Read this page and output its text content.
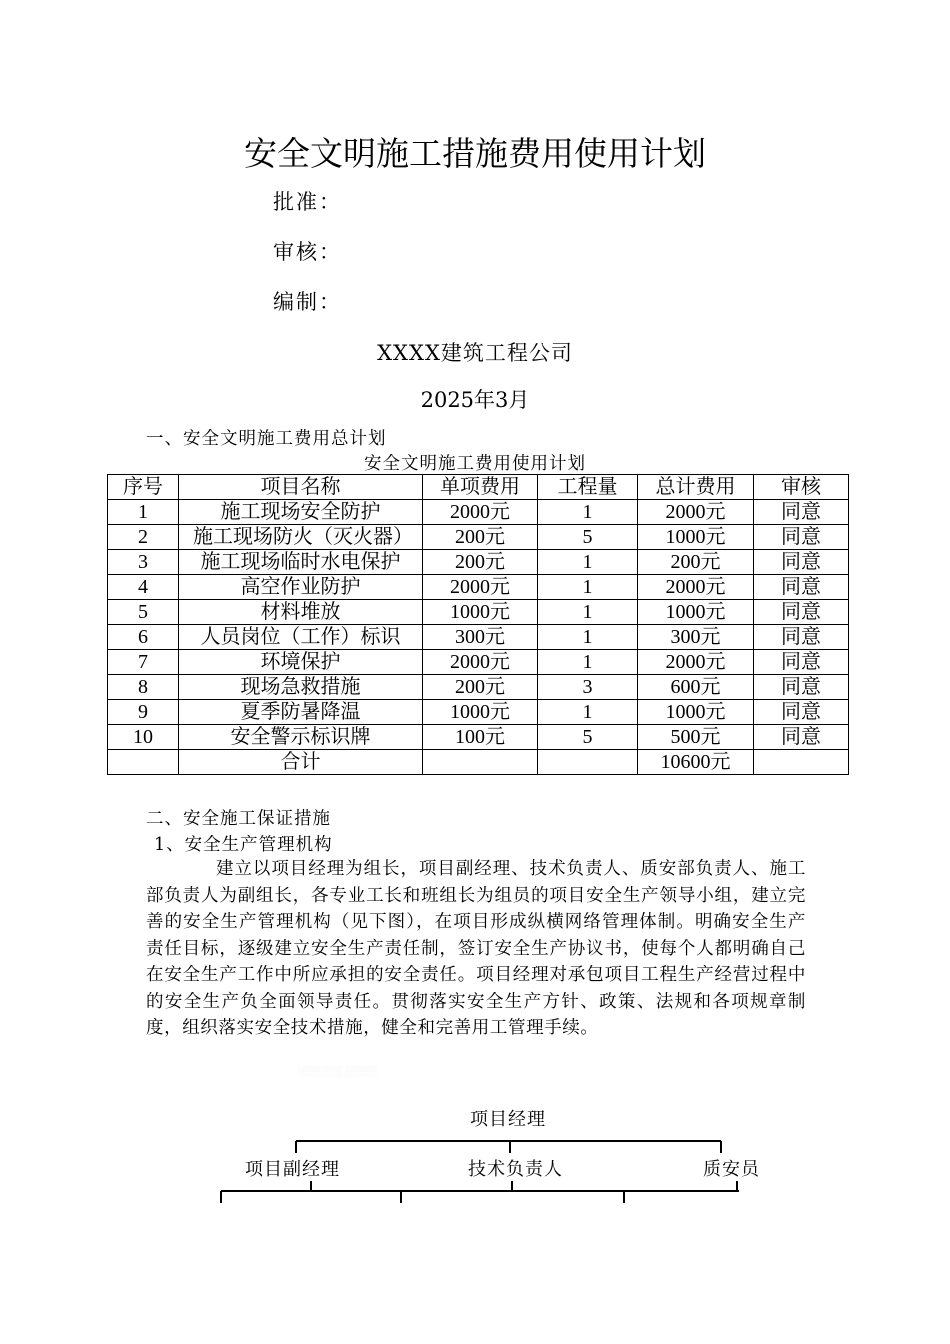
安全文明施工措施费用使用计划
批准：
审核：
编制：
XXXX建筑工程公司
2025年3月
一、安全文明施工费用总计划
安全文明施工费用使用计划
序号	项目名称	单项费用	工程量	总计费用	审核
1	施工现场安全防护	2000元	1	2000元	同意
2	施工现场防火（灭火器）	200元	5	1000元	同意
3	施工现场临时水电保护	200元	1	200元	同意
4	高空作业防护	2000元	1	2000元	同意
5	材料堆放	1000元	1	1000元	同意
6	人员岗位（工作）标识	300元	1	300元	同意
7	环境保护	2000元	1	2000元	同意
8	现场急救措施	200元	3	600元	同意
9	夏季防暑降温	1000元	1	1000元	同意
10	安全警示标识牌	100元	5	500元	同意
	合计			10600元	
二、安全施工保证措施
1、安全生产管理机构

建立以项目经理为组长，项目副经理、技术负责人、质安部负责人、施工部负责人为副组长，各专业工长和班组长为组员的项目安全生产领导小组，建立完善的安全生产管理机构（见下图），在项目形成纵横网络管理体制。明确安全生产责任目标，逐级建立安全生产责任制，签订安全生产协议书，使每个人都明确自己在安全生产工作中所应承担的安全责任。项目经理对承包项目工程生产经营过程中的安全生产负全面领导责任。贯彻落实安全生产方针、政策、法规和各项规章制度，组织落实安全技术措施，健全和完善用工管理手续。

░░░░░░░ ░░░░░
项目经理
项目副经理	技术负责人	质安员
